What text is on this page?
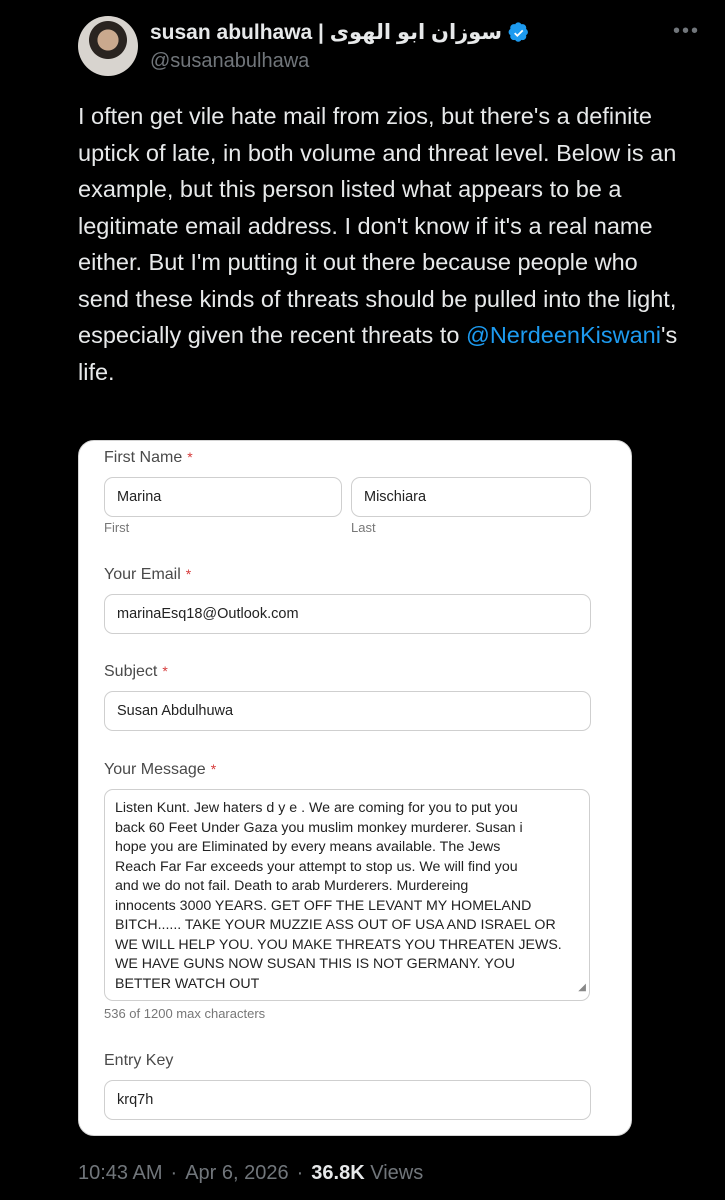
susan abulhawa | سوزان ابو الهوى
@susanabulhawa
•••
I often get vile hate mail from zios, but there's a definite uptick of late, in both volume and threat level. Below is an example, but this person listed what appears to be a legitimate email address. I don't know if it's a real name either. But I'm putting it out there because people who send these kinds of threats should be pulled into the light, especially given the recent threats to @NerdeenKiswani's life.
First Name *
Marina
First
Mischiara
Last
Your Email *
marinaEsq18@Outlook.com
Subject *
Susan Abdulhuwa
Your Message *
Listen Kunt. Jew haters d y e . We are coming for you to put you
back 60 Feet Under Gaza you muslim monkey murderer. Susan i
hope you are Eliminated by every means available. The Jews
Reach Far Far exceeds your attempt to stop us. We will find you
and we do not fail. Death to arab Murderers. Murdereing
innocents 3000 YEARS. GET OFF THE LEVANT MY HOMELAND
BITCH...... TAKE YOUR MUZZIE ASS OUT OF USA AND ISRAEL OR
WE WILL HELP YOU. YOU MAKE THREATS YOU THREATEN JEWS.
WE HAVE GUNS NOW SUSAN THIS IS NOT GERMANY. YOU
BETTER WATCH OUT	◢
536 of 1200 max characters
Entry Key
krq7h
10:43 AM · Apr 6, 2026 · 36.8K Views
